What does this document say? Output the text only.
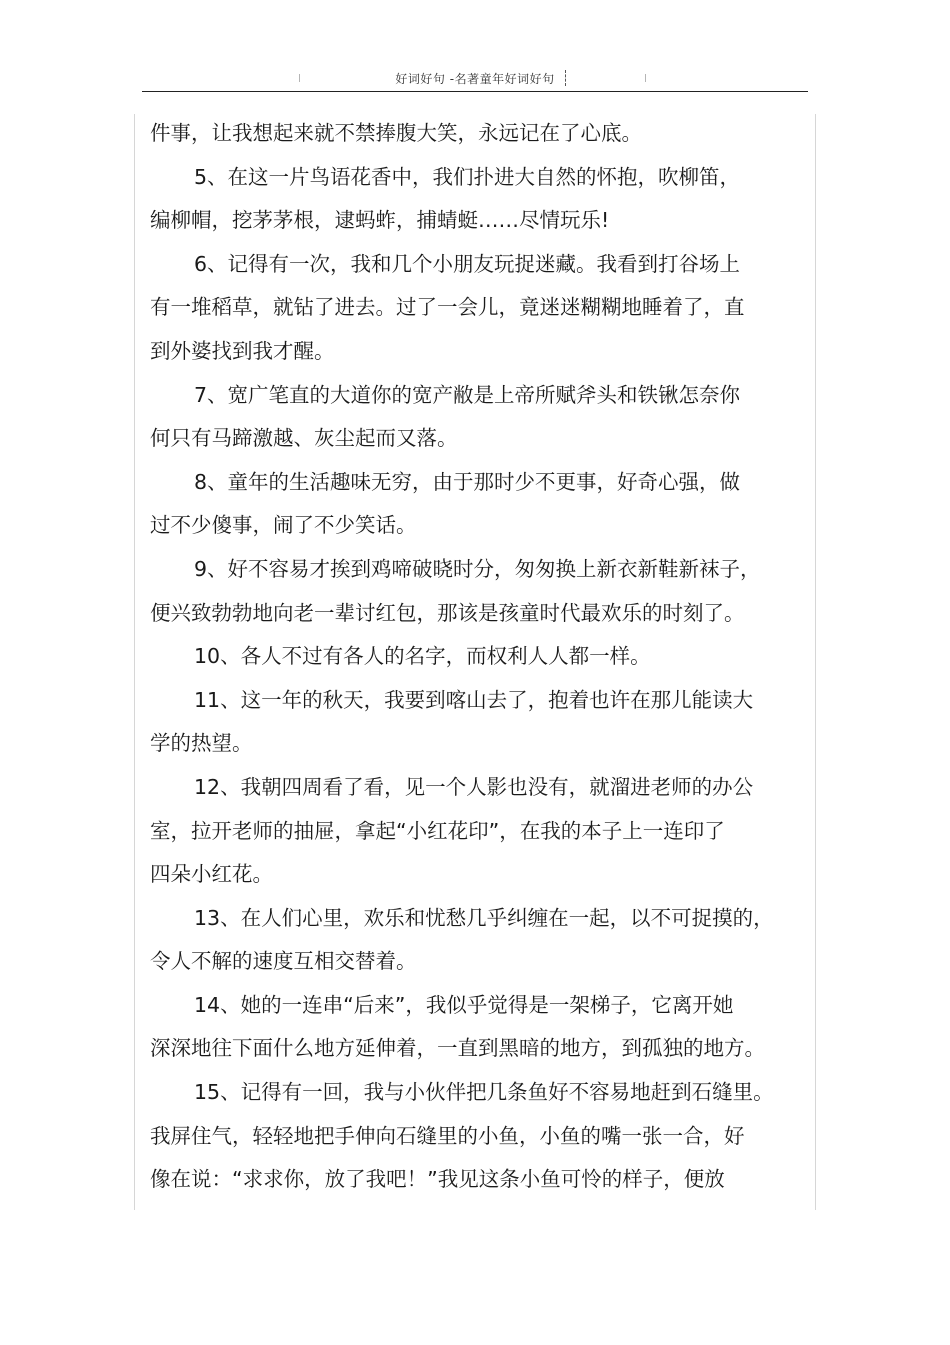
好词好句 -名著童年好词好句
件事，让我想起来就不禁捧腹大笑，永远记在了心底。
5、在这一片鸟语花香中，我们扑进大自然的怀抱，吹柳笛，
编柳帽，挖茅茅根，逮蚂蚱，捕蜻蜓……尽情玩乐!
6、记得有一次，我和几个小朋友玩捉迷藏。我看到打谷场上
有一堆稻草，就钻了进去。过了一会儿，竟迷迷糊糊地睡着了，直
到外婆找到我才醒。
7、宽广笔直的大道你的宽产敝是上帝所赋斧头和铁锹怎奈你
何只有马蹄激越、灰尘起而又落。
8、童年的生活趣味无穷，由于那时少不更事，好奇心强，做
过不少傻事，闹了不少笑话。
9、好不容易才挨到鸡啼破晓时分，匆匆换上新衣新鞋新袜子，
便兴致勃勃地向老一辈讨红包，那该是孩童时代最欢乐的时刻了。
10、各人不过有各人的名字，而权利人人都一样。
11、这一年的秋天，我要到喀山去了，抱着也许在那儿能读大
学的热望。
12、我朝四周看了看，见一个人影也没有，就溜进老师的办公
室，拉开老师的抽屉，拿起“小红花印”，在我的本子上一连印了
四朵小红花。
13、在人们心里，欢乐和忧愁几乎纠缠在一起，以不可捉摸的，
令人不解的速度互相交替着。
14、她的一连串“后来”，我似乎觉得是一架梯子，它离开她
深深地往下面什么地方延伸着，一直到黑暗的地方，到孤独的地方。
15、记得有一回，我与小伙伴把几条鱼好不容易地赶到石缝里。
我屏住气，轻轻地把手伸向石缝里的小鱼，小鱼的嘴一张一合，好
像在说：“求求你，放了我吧！”我见这条小鱼可怜的样子，便放
